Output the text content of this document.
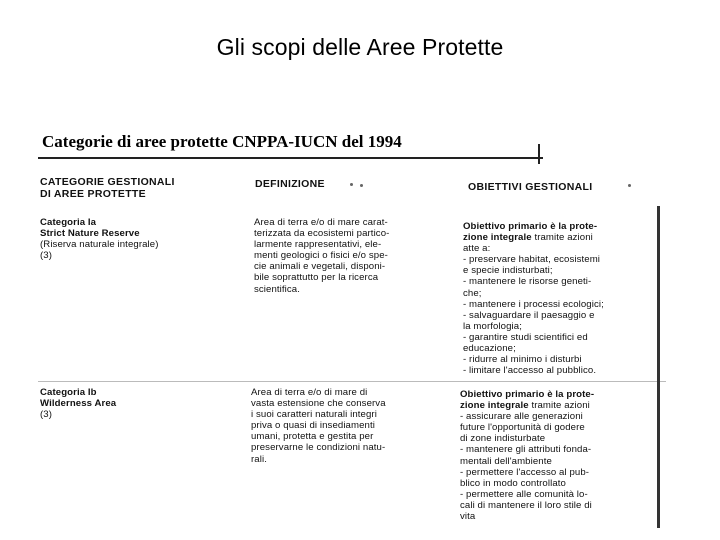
Gli scopi delle Aree Protette
Categorie di aree protette CNPPA-IUCN del 1994
CATEGORIE GESTIONALI
DI AREE PROTETTE
DEFINIZIONE	OBIETTIVI GESTIONALI
Categoria Ia
Strict Nature Reserve
(Riserva naturale integrale)
(3)
Area di terra e/o di mare carat-
terizzata da ecosistemi partico-
larmente rappresentativi, ele-
menti geologici o fisici e/o spe-
cie animali e vegetali, disponi-
bile soprattutto per la ricerca
scientifica.
Obiettivo primario è la prote-
zione integrale tramite azioni
atte a:
- preservare habitat, ecosistemi
e specie indisturbati;
- mantenere le risorse geneti-
che;
- mantenere i processi ecologici;
- salvaguardare il paesaggio e
la morfologia;
- garantire studi scientifici ed
educazione;
- ridurre al minimo i disturbi
- limitare l'accesso al pubblico.
Categoria Ib
Wilderness Area
(3)
Area di terra e/o di mare di
vasta estensione che conserva
i suoi caratteri naturali integri
priva o quasi di insediamenti
umani, protetta e gestita per
preservarne le condizioni natu-
rali.
Obiettivo primario è la prote-
zione integrale tramite azioni
- assicurare alle generazioni
future l'opportunità di godere
di zone indisturbate
- mantenere gli attributi fonda-
mentali dell'ambiente
- permettere l'accesso al pub-
blico in modo controllato
- permettere alle comunità lo-
cali di mantenere il loro stile di
vita
